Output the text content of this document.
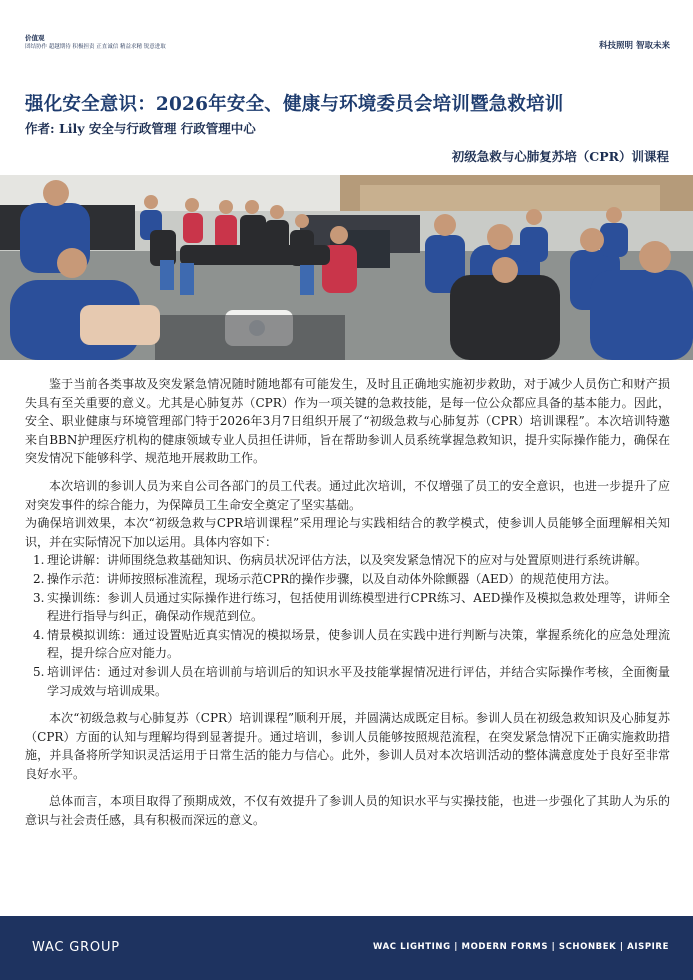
价值观
团结协作 超越期待 积极担责 正直诚信 精益求精 锐意进取	科技照明 智取未来
强化安全意识：2026年安全、健康与环境委员会培训暨急救培训
作者: Lily 安全与行政管理 行政管理中心
初级急救与心肺复苏培（CPR）训课程

鉴于当前各类事故及突发紧急情况随时随地都有可能发生，及时且正确地实施初步救助，对于减少人员伤亡和财产损失具有至关重要的意义。尤其是心肺复苏（CPR）作为一项关键的急救技能，是每一位公众都应具备的基本能力。因此，安全、职业健康与环境管理部门特于2026年3月7日组织开展了“初级急救与心肺复苏（CPR）培训课程”。本次培训特邀来自BBN护理医疗机构的健康领域专业人员担任讲师，旨在帮助参训人员系统掌握急救知识，提升实际操作能力，确保在突发情况下能够科学、规范地开展救助工作。

本次培训的参训人员为来自公司各部门的员工代表。通过此次培训，不仅增强了员工的安全意识，也进一步提升了应对突发事件的综合能力，为保障员工生命安全奠定了坚实基础。

为确保培训效果，本次“初级急救与CPR培训课程”采用理论与实践相结合的教学模式，使参训人员能够全面理解相关知识，并在实际情况下加以运用。具体内容如下：

1. 理论讲解：讲师围绕急救基础知识、伤病员状况评估方法，以及突发紧急情况下的应对与处置原则进行系统讲解。
2. 操作示范：讲师按照标准流程，现场示范CPR的操作步骤，以及自动体外除颤器（AED）的规范使用方法。
3. 实操训练：参训人员通过实际操作进行练习，包括使用训练模型进行CPR练习、AED操作及模拟急救处理等，讲师全程进行指导与纠正，确保动作规范到位。
4. 情景模拟训练：通过设置贴近真实情况的模拟场景，使参训人员在实践中进行判断与决策，掌握系统化的应急处理流程，提升综合应对能力。
5. 培训评估：通过对参训人员在培训前与培训后的知识水平及技能掌握情况进行评估，并结合实际操作考核，全面衡量学习成效与培训成果。

本次“初级急救与心肺复苏（CPR）培训课程”顺利开展，并圆满达成既定目标。参训人员在初级急救知识及心肺复苏（CPR）方面的认知与理解均得到显著提升。通过培训，参训人员能够按照规范流程，在突发紧急情况下正确实施救助措施，并具备将所学知识灵活运用于日常生活的能力与信心。此外，参训人员对本次培训活动的整体满意度处于良好至非常良好水平。

总体而言，本项目取得了预期成效，不仅有效提升了参训人员的知识水平与实操技能，也进一步强化了其助人为乐的意识与社会责任感，具有积极而深远的意义。

WAC GROUP	WAC LIGHTING | MODERN FORMS | SCHONBEK | AISPIRE
